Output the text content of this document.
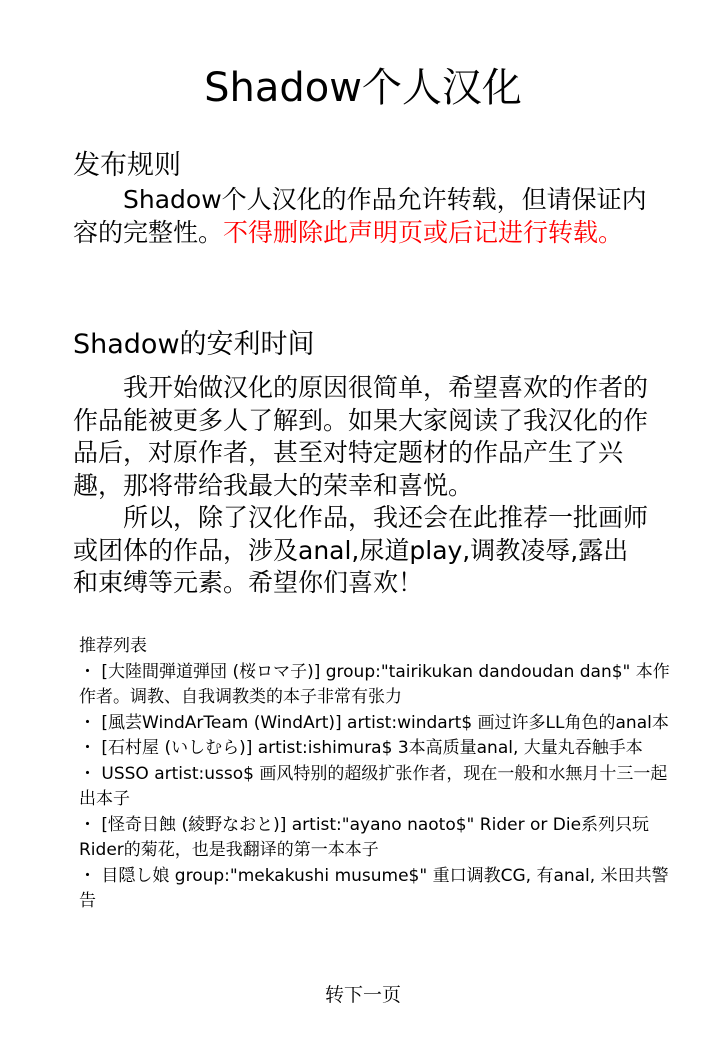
Shadow个人汉化
发布规则

Shadow个人汉化的作品允许转载，但请保证内容的完整性。不得删除此声明页或后记进行转载。

Shadow的安利时间

我开始做汉化的原因很简单，希望喜欢的作者的作品能被更多人了解到。如果大家阅读了我汉化的作品后，对原作者，甚至对特定题材的作品产生了兴趣，那将带给我最大的荣幸和喜悦。

所以，除了汉化作品，我还会在此推荐一批画师或团体的作品，涉及anal,尿道play,调教凌辱,露出和束缚等元素。希望你们喜欢！

推荐列表
・ [大陸間弾道弾団 (桜ロマ子)] group:"tairikukan dandoudan dan$" 本作作者。调教、自我调教类的本子非常有张力
・ [風芸WindArTeam (WindArt)] artist:windart$ 画过许多LL角色的anal本
・ [石村屋 (いしむら)] artist:ishimura$ 3本高质量anal, 大量丸吞触手本
・ USSO artist:usso$ 画风特别的超级扩张作者，现在一般和水無月十三一起出本子
・ [怪奇日蝕 (綾野なおと)] artist:"ayano naoto$" Rider or Die系列只玩Rider的菊花，也是我翻译的第一本本子
・ 目隠し娘 group:"mekakushi musume$" 重口调教CG, 有anal, 米田共警告
转下一页
